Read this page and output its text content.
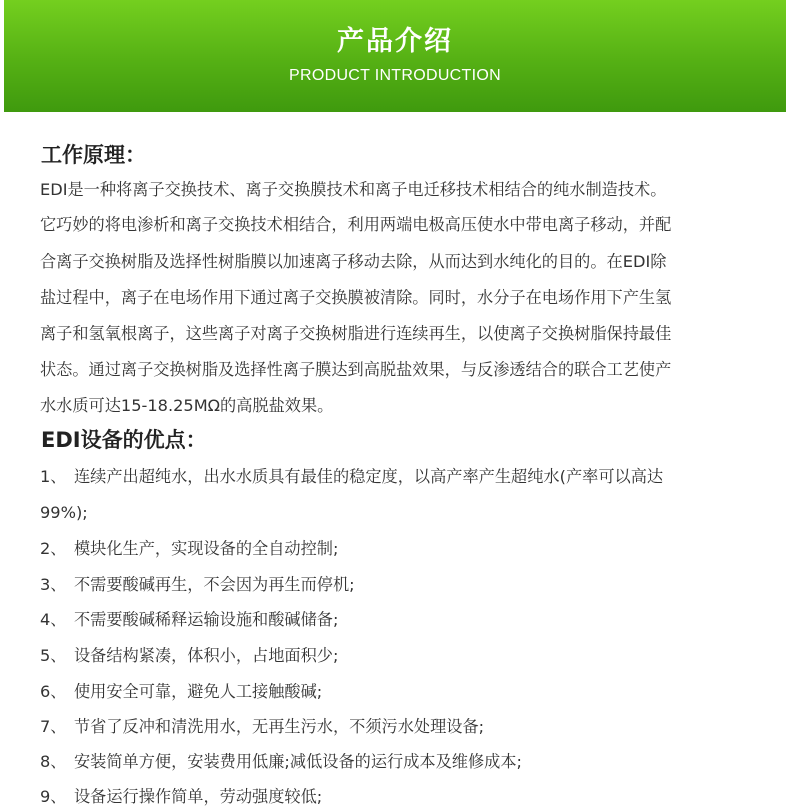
产品介绍
PRODUCT INTRODUCTION
工作原理：
EDI是一种将离子交换技术、离子交换膜技术和离子电迁移技术相结合的纯水制造技术。
它巧妙的将电渗析和离子交换技术相结合，利用两端电极高压使水中带电离子移动，并配
合离子交换树脂及选择性树脂膜以加速离子移动去除，从而达到水纯化的目的。在EDI除
盐过程中，离子在电场作用下通过离子交换膜被清除。同时，水分子在电场作用下产生氢
离子和氢氧根离子，这些离子对离子交换树脂进行连续再生，以使离子交换树脂保持最佳
状态。通过离子交换树脂及选择性离子膜达到高脱盐效果，与反渗透结合的联合工艺使产
水水质可达15-18.25MΩ的高脱盐效果。
EDI设备的优点：
1、 连续产出超纯水，出水水质具有最佳的稳定度，以高产率产生超纯水(产率可以高达
99%);
2、 模块化生产，实现设备的全自动控制;
3、 不需要酸碱再生，不会因为再生而停机;
4、 不需要酸碱稀释运输设施和酸碱储备;
5、 设备结构紧凑，体积小，占地面积少;
6、 使用安全可靠，避免人工接触酸碱;
7、 节省了反冲和清洗用水，无再生污水，不须污水处理设备;
8、 安装简单方便，安装费用低廉;减低设备的运行成本及维修成本;
9、 设备运行操作简单，劳动强度较低;
